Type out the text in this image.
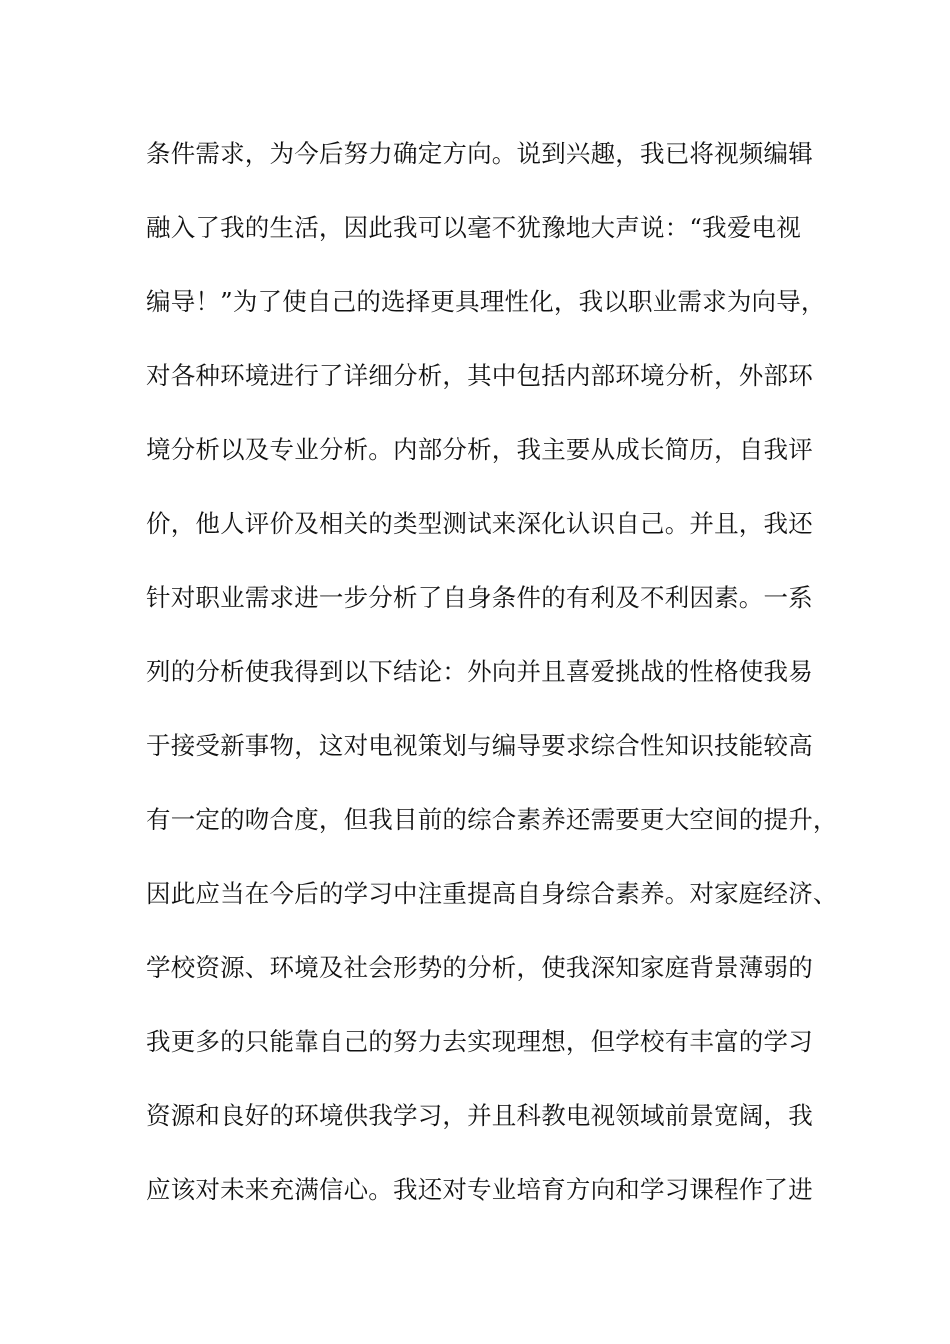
条件需求，为今后努力确定方向。说到兴趣，我已将视频编辑
融入了我的生活，因此我可以毫不犹豫地大声说：“我爱电视
编导！”为了使自己的选择更具理性化，我以职业需求为向导，
对各种环境进行了详细分析，其中包括内部环境分析，外部环
境分析以及专业分析。内部分析，我主要从成长简历，自我评
价，他人评价及相关的类型测试来深化认识自己。并且，我还
针对职业需求进一步分析了自身条件的有利及不利因素。一系
列的分析使我得到以下结论：外向并且喜爱挑战的性格使我易
于接受新事物，这对电视策划与编导要求综合性知识技能较高
有一定的吻合度，但我目前的综合素养还需要更大空间的提升，
因此应当在今后的学习中注重提高自身综合素养。对家庭经济、
学校资源、环境及社会形势的分析，使我深知家庭背景薄弱的
我更多的只能靠自己的努力去实现理想，但学校有丰富的学习
资源和良好的环境供我学习，并且科教电视领域前景宽阔，我
应该对未来充满信心。我还对专业培育方向和学习课程作了进
